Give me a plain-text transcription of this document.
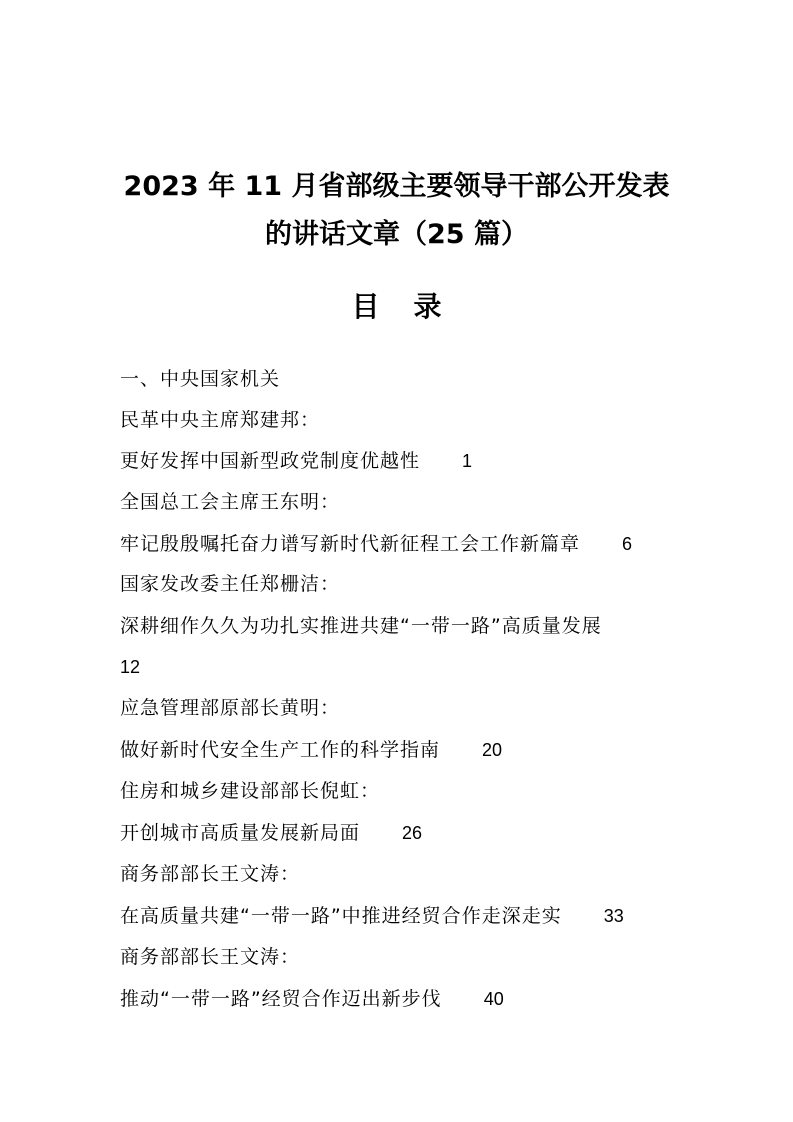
2023 年 11 月省部级主要领导干部公开发表
的讲话文章（25 篇）
目录
一、中央国家机关
民革中央主席郑建邦：
更好发挥中国新型政党制度优越性 1
全国总工会主席王东明：
牢记殷殷嘱托奋力谱写新时代新征程工会工作新篇章 6
国家发改委主任郑栅洁：
深耕细作久久为功扎实推进共建“一带一路”高质量发展
12
应急管理部原部长黄明：
做好新时代安全生产工作的科学指南 20
住房和城乡建设部部长倪虹：
开创城市高质量发展新局面 26
商务部部长王文涛：
在高质量共建“一带一路”中推进经贸合作走深走实 33
商务部部长王文涛：
推动“一带一路”经贸合作迈出新步伐 40
